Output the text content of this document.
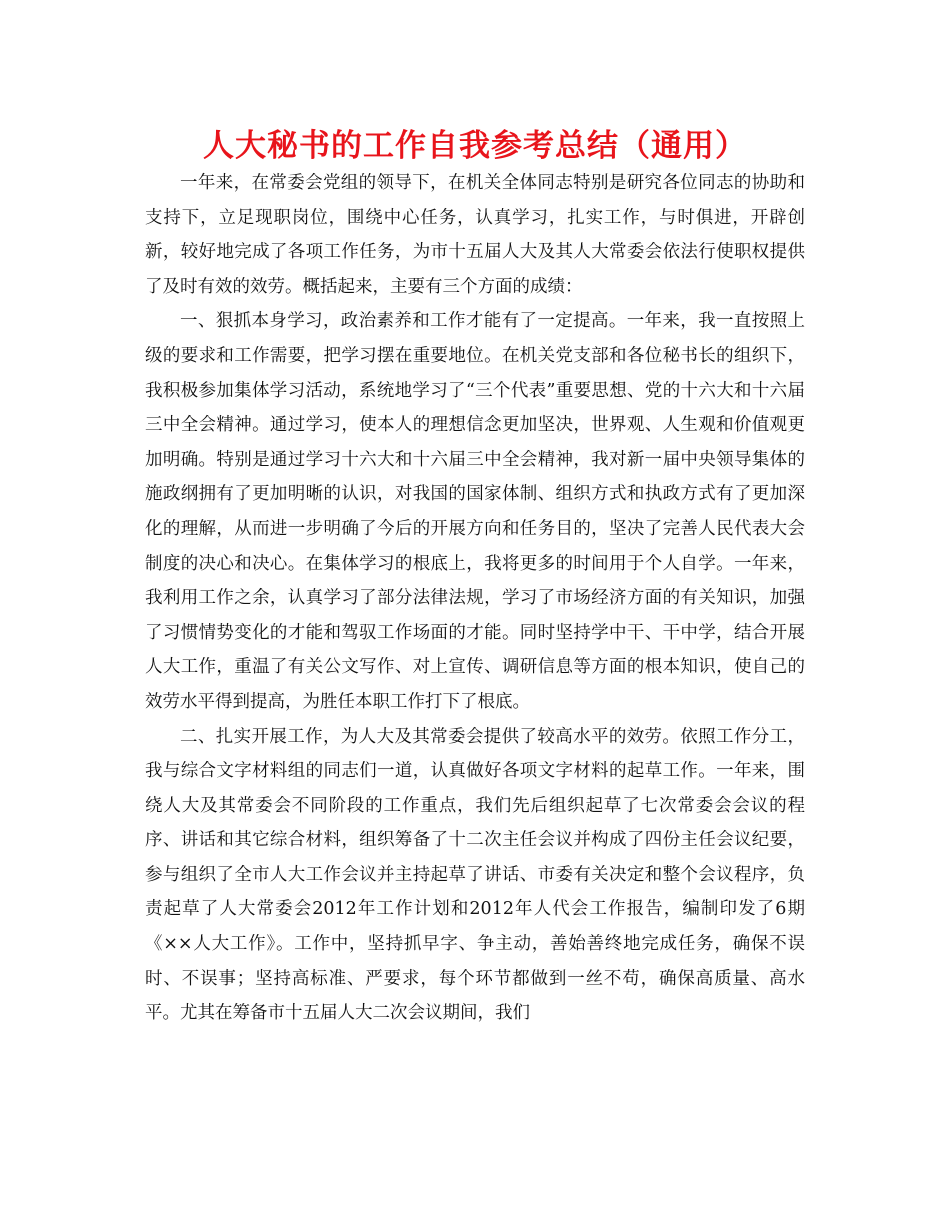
人大秘书的工作自我参考总结（通用）

一年来，在常委会党组的领导下，在机关全体同志特别是研究各位同志的协助和支持下，立足现职岗位，围绕中心任务，认真学习，扎实工作，与时俱进，开辟创新，较好地完成了各项工作任务，为市十五届人大及其人大常委会依法行使职权提供了及时有效的效劳。概括起来，主要有三个方面的成绩：

一、狠抓本身学习，政治素养和工作才能有了一定提高。一年来，我一直按照上级的要求和工作需要，把学习摆在重要地位。在机关党支部和各位秘书长的组织下，我积极参加集体学习活动，系统地学习了“三个代表”重要思想、党的十六大和十六届三中全会精神。通过学习，使本人的理想信念更加坚决，世界观、人生观和价值观更加明确。特别是通过学习十六大和十六届三中全会精神，我对新一届中央领导集体的施政纲拥有了更加明晰的认识，对我国的国家体制、组织方式和执政方式有了更加深化的理解，从而进一步明确了今后的开展方向和任务目的，坚决了完善人民代表大会制度的决心和决心。在集体学习的根底上，我将更多的时间用于个人自学。一年来，我利用工作之余，认真学习了部分法律法规，学习了市场经济方面的有关知识，加强了习惯情势变化的才能和驾驭工作场面的才能。同时坚持学中干、干中学，结合开展人大工作，重温了有关公文写作、对上宣传、调研信息等方面的根本知识，使自己的效劳水平得到提高，为胜任本职工作打下了根底。

二、扎实开展工作，为人大及其常委会提供了较高水平的效劳。依照工作分工，我与综合文字材料组的同志们一道，认真做好各项文字材料的起草工作。一年来，围绕人大及其常委会不同阶段的工作重点，我们先后组织起草了七次常委会会议的程序、讲话和其它综合材料，组织筹备了十二次主任会议并构成了四份主任会议纪要，参与组织了全市人大工作会议并主持起草了讲话、市委有关决定和整个会议程序，负责起草了人大常委会2012年工作计划和2012年人代会工作报告，编制印发了6期《××人大工作》。工作中，坚持抓早字、争主动，善始善终地完成任务，确保不误时、不误事；坚持高标准、严要求，每个环节都做到一丝不苟，确保高质量、高水平。尤其在筹备市十五届人大二次会议期间，我们
